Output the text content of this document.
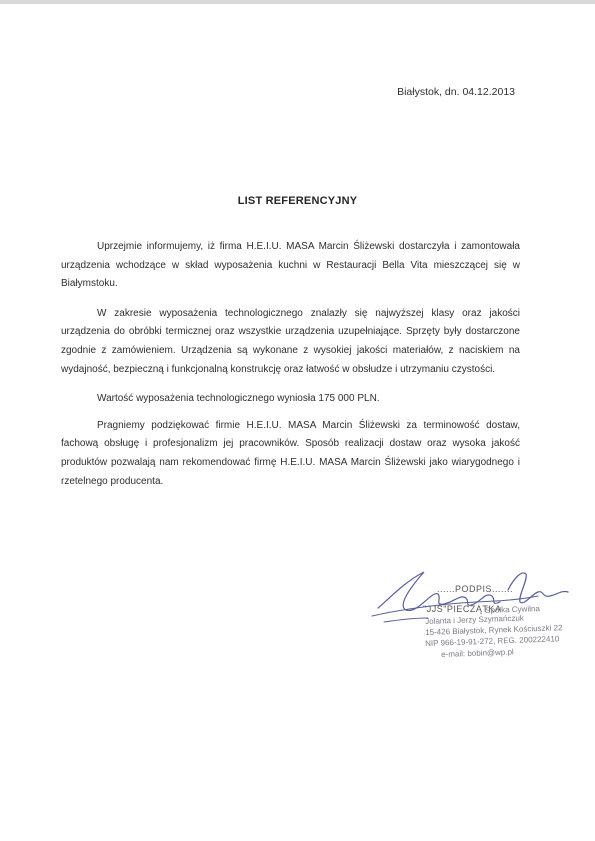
Białystok, dn. 04.12.2013
LIST REFERENCYJNY

Uprzejmie informujemy, iż firma H.E.I.U. MASA Marcin Śliżewski dostarczyła i zamontowała urządzenia wchodzące w skład wyposażenia kuchni w Restauracji Bella Vita mieszczącej się w Białymstoku.

W zakresie wyposażenia technologicznego znalazły się najwyższej klasy oraz jakości urządzenia do obróbki termicznej oraz wszystkie urządzenia uzupełniające. Sprzęty były dostarczone zgodnie z zamówieniem. Urządzenia są wykonane z wysokiej jakości materiałów, z naciskiem na wydajność, bezpieczną i funkcjonalną konstrukcję oraz łatwość w obsłudze i utrzymaniu czystości.

Wartość wyposażenia technologicznego wyniosła 175 000 PLN.

Pragniemy podziękować firmie H.E.I.U. MASA Marcin Śliżewski za terminowość dostaw, fachową obsługę i profesjonalizm jej pracowników. Sposób realizacji dostaw oraz wysoka jakość produktów pozwalają nam rekomendować firmę H.E.I.U. MASA Marcin Śliżewski jako wiarygodnego i rzetelnego producenta.

......PODPIS.......
"JJS"PIECZĄTKA
Spółka Cywilna
Jolanta i Jerzy Szymańczuk
15-426 Białystok, Rynek Kościuszki 22
NIP 966-19-91-272, REG. 200222410
e-mail: bobin@wp.pl
